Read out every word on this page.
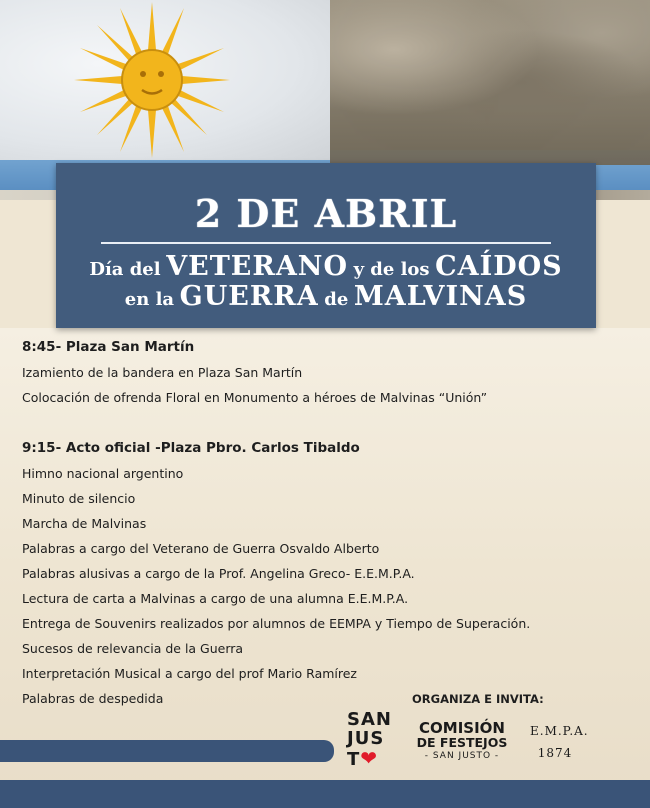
2 DE ABRIL
Día del VETERANO y de los CAÍDOS
en la GUERRA de MALVINAS
8:45- Plaza San Martín
Izamiento de la bandera en Plaza San Martín
Colocación de ofrenda Floral en Monumento a héroes de Malvinas “Unión”
9:15- Acto oficial -Plaza Pbro. Carlos Tibaldo
Himno nacional argentino
Minuto de silencio
Marcha de Malvinas
Palabras a cargo del Veterano de Guerra Osvaldo Alberto
Palabras alusivas a cargo de la Prof. Angelina Greco- E.E.M.P.A.
Lectura de carta a Malvinas a cargo de una alumna E.E.M.P.A.
Entrega de Souvenirs realizados por alumnos de EEMPA y Tiempo de Superación.
Sucesos de relevancia de la Guerra
Interpretación Musical a cargo del prof Mario Ramírez
Palabras de despedida	ORGANIZA E INVITA:
SAN
JUS
T❤
COMISIÓN
DE FESTEJOS
- SAN JUSTO -
E.M.P.A.
1874
